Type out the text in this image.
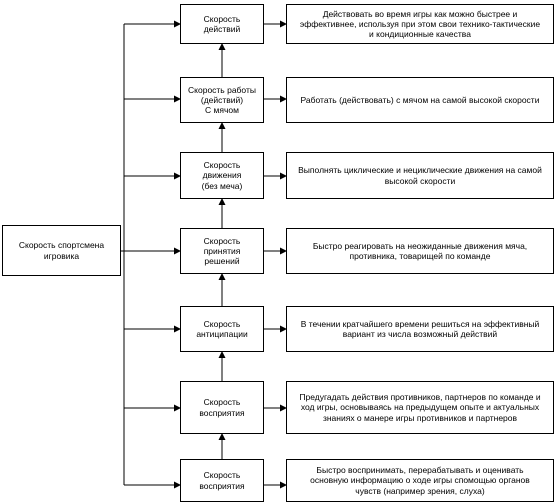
Скорость спортсмена игровика
Скорость
действий
Скорость работы
(действий)
С мячом
Скорость
движения
(без меча)
Скорость
принятия
решений
Скорость
антиципации
Скорость
восприятия
Скорость
восприятия
Действовать во время игры как можно быстрее и
эффективнее, используя при этом свои технико-тактические
и кондиционные качества
Работать (действовать) с мячом на самой высокой скорости
Выполнять циклические и нециклические движения на самой
высокой скорости
Быстро реагировать на неожиданные движения мяча,
противника, товарищей по команде
В течении кратчайшего времени решиться на эффективный
вариант из числа возможный действий
Предугадать действия противников, партнеров по команде и
ход игры, основываясь на предыдущем опыте и актуальных
знаниях о манере игры противников и партнеров
Быстро воспринимать, перерабатывать и оценивать
основную информацию о ходе игры спомощью органов
чувств (например зрения, слуха)
